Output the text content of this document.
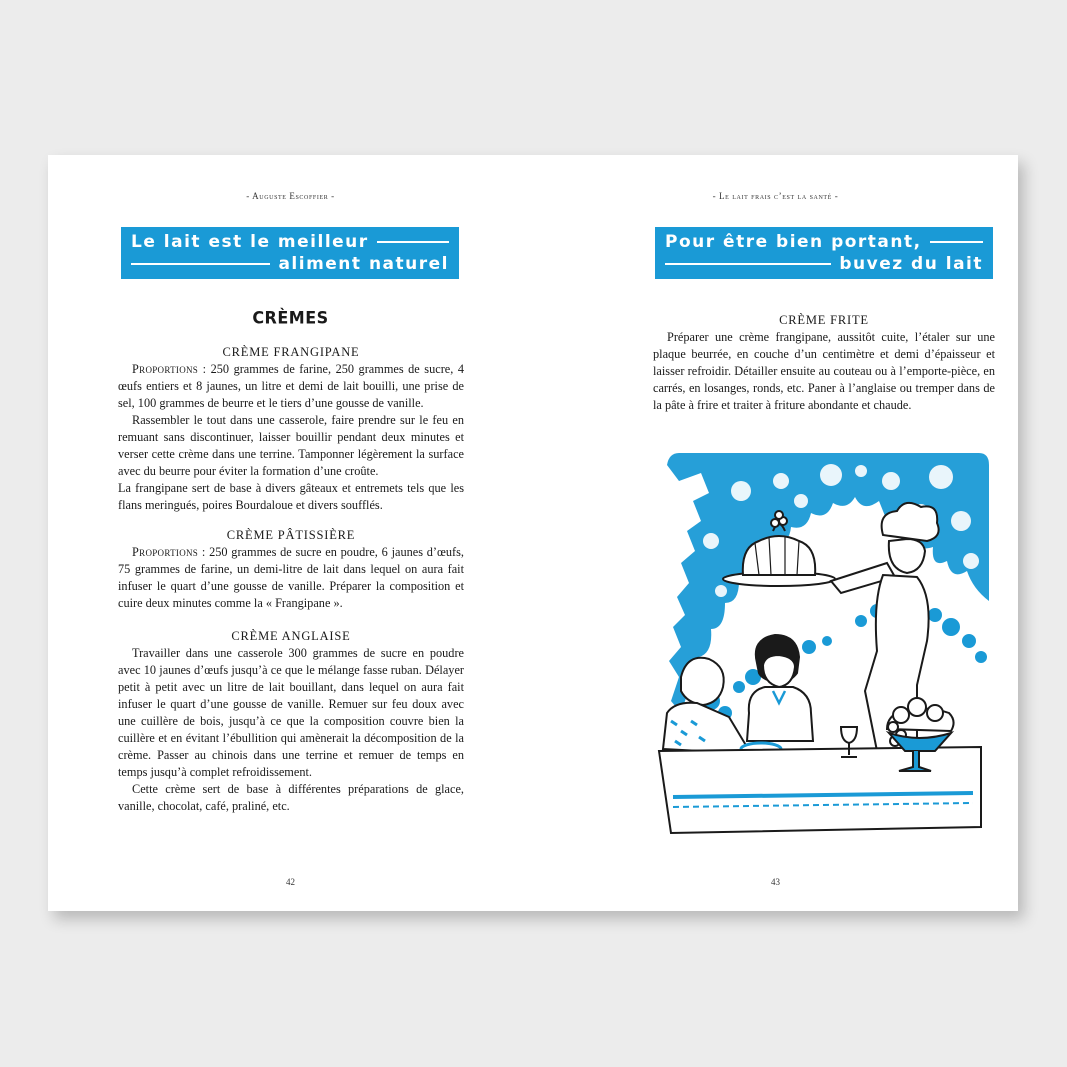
- Auguste Escoffier -
Le lait est le meilleur
aliment naturel
CRÈMES

CRÈME FRANGIPANE

Proportions : 250 grammes de farine, 250 grammes de sucre, 4 œufs entiers et 8 jaunes, un litre et demi de lait bouilli, une prise de sel, 100 grammes de beurre et le tiers d’une gousse de vanille.

Rassembler le tout dans une casserole, faire prendre sur le feu en remuant sans discontinuer, laisser bouillir pendant deux minutes et verser cette crème dans une terrine. Tamponner légèrement la surface avec du beurre pour éviter la formation d’une croûte.

La frangipane sert de base à divers gâteaux et entremets tels que les flans meringués, poires Bourdaloue et divers soufflés.

CRÈME PÂTISSIÈRE

Proportions : 250 grammes de sucre en poudre, 6 jaunes d’œufs, 75 grammes de farine, un demi-litre de lait dans lequel on aura fait infuser le quart d’une gousse de vanille. Préparer la composition et cuire deux minutes comme la « Frangipane ».

CRÈME ANGLAISE

Travailler dans une casserole 300 grammes de sucre en poudre avec 10 jaunes d’œufs jusqu’à ce que le mélange fasse ruban. Délayer petit à petit avec un litre de lait bouillant, dans lequel on aura fait infuser le quart d’une gousse de vanille. Remuer sur feu doux avec une cuillère de bois, jusqu’à ce que la composition couvre bien la cuillère et en évitant l’ébullition qui amènerait la décomposition de la crème. Passer au chinois dans une terrine et remuer de temps en temps jusqu’à complet refroidissement.

Cette crème sert de base à différentes préparations de glace, vanille, chocolat, café, praliné, etc.

42
- Le lait frais c’est la santé -
Pour être bien portant,
buvez du lait

CRÈME FRITE

Préparer une crème frangipane, aussitôt cuite, l’étaler sur une plaque beurrée, en couche d’un centimètre et demi d’épaisseur et laisser refroidir. Détailler ensuite au couteau ou à l’emporte-pièce, en carrés, en losanges, ronds, etc. Paner à l’anglaise ou tremper dans de la pâte à frire et traiter à friture abondante et chaude.

43
